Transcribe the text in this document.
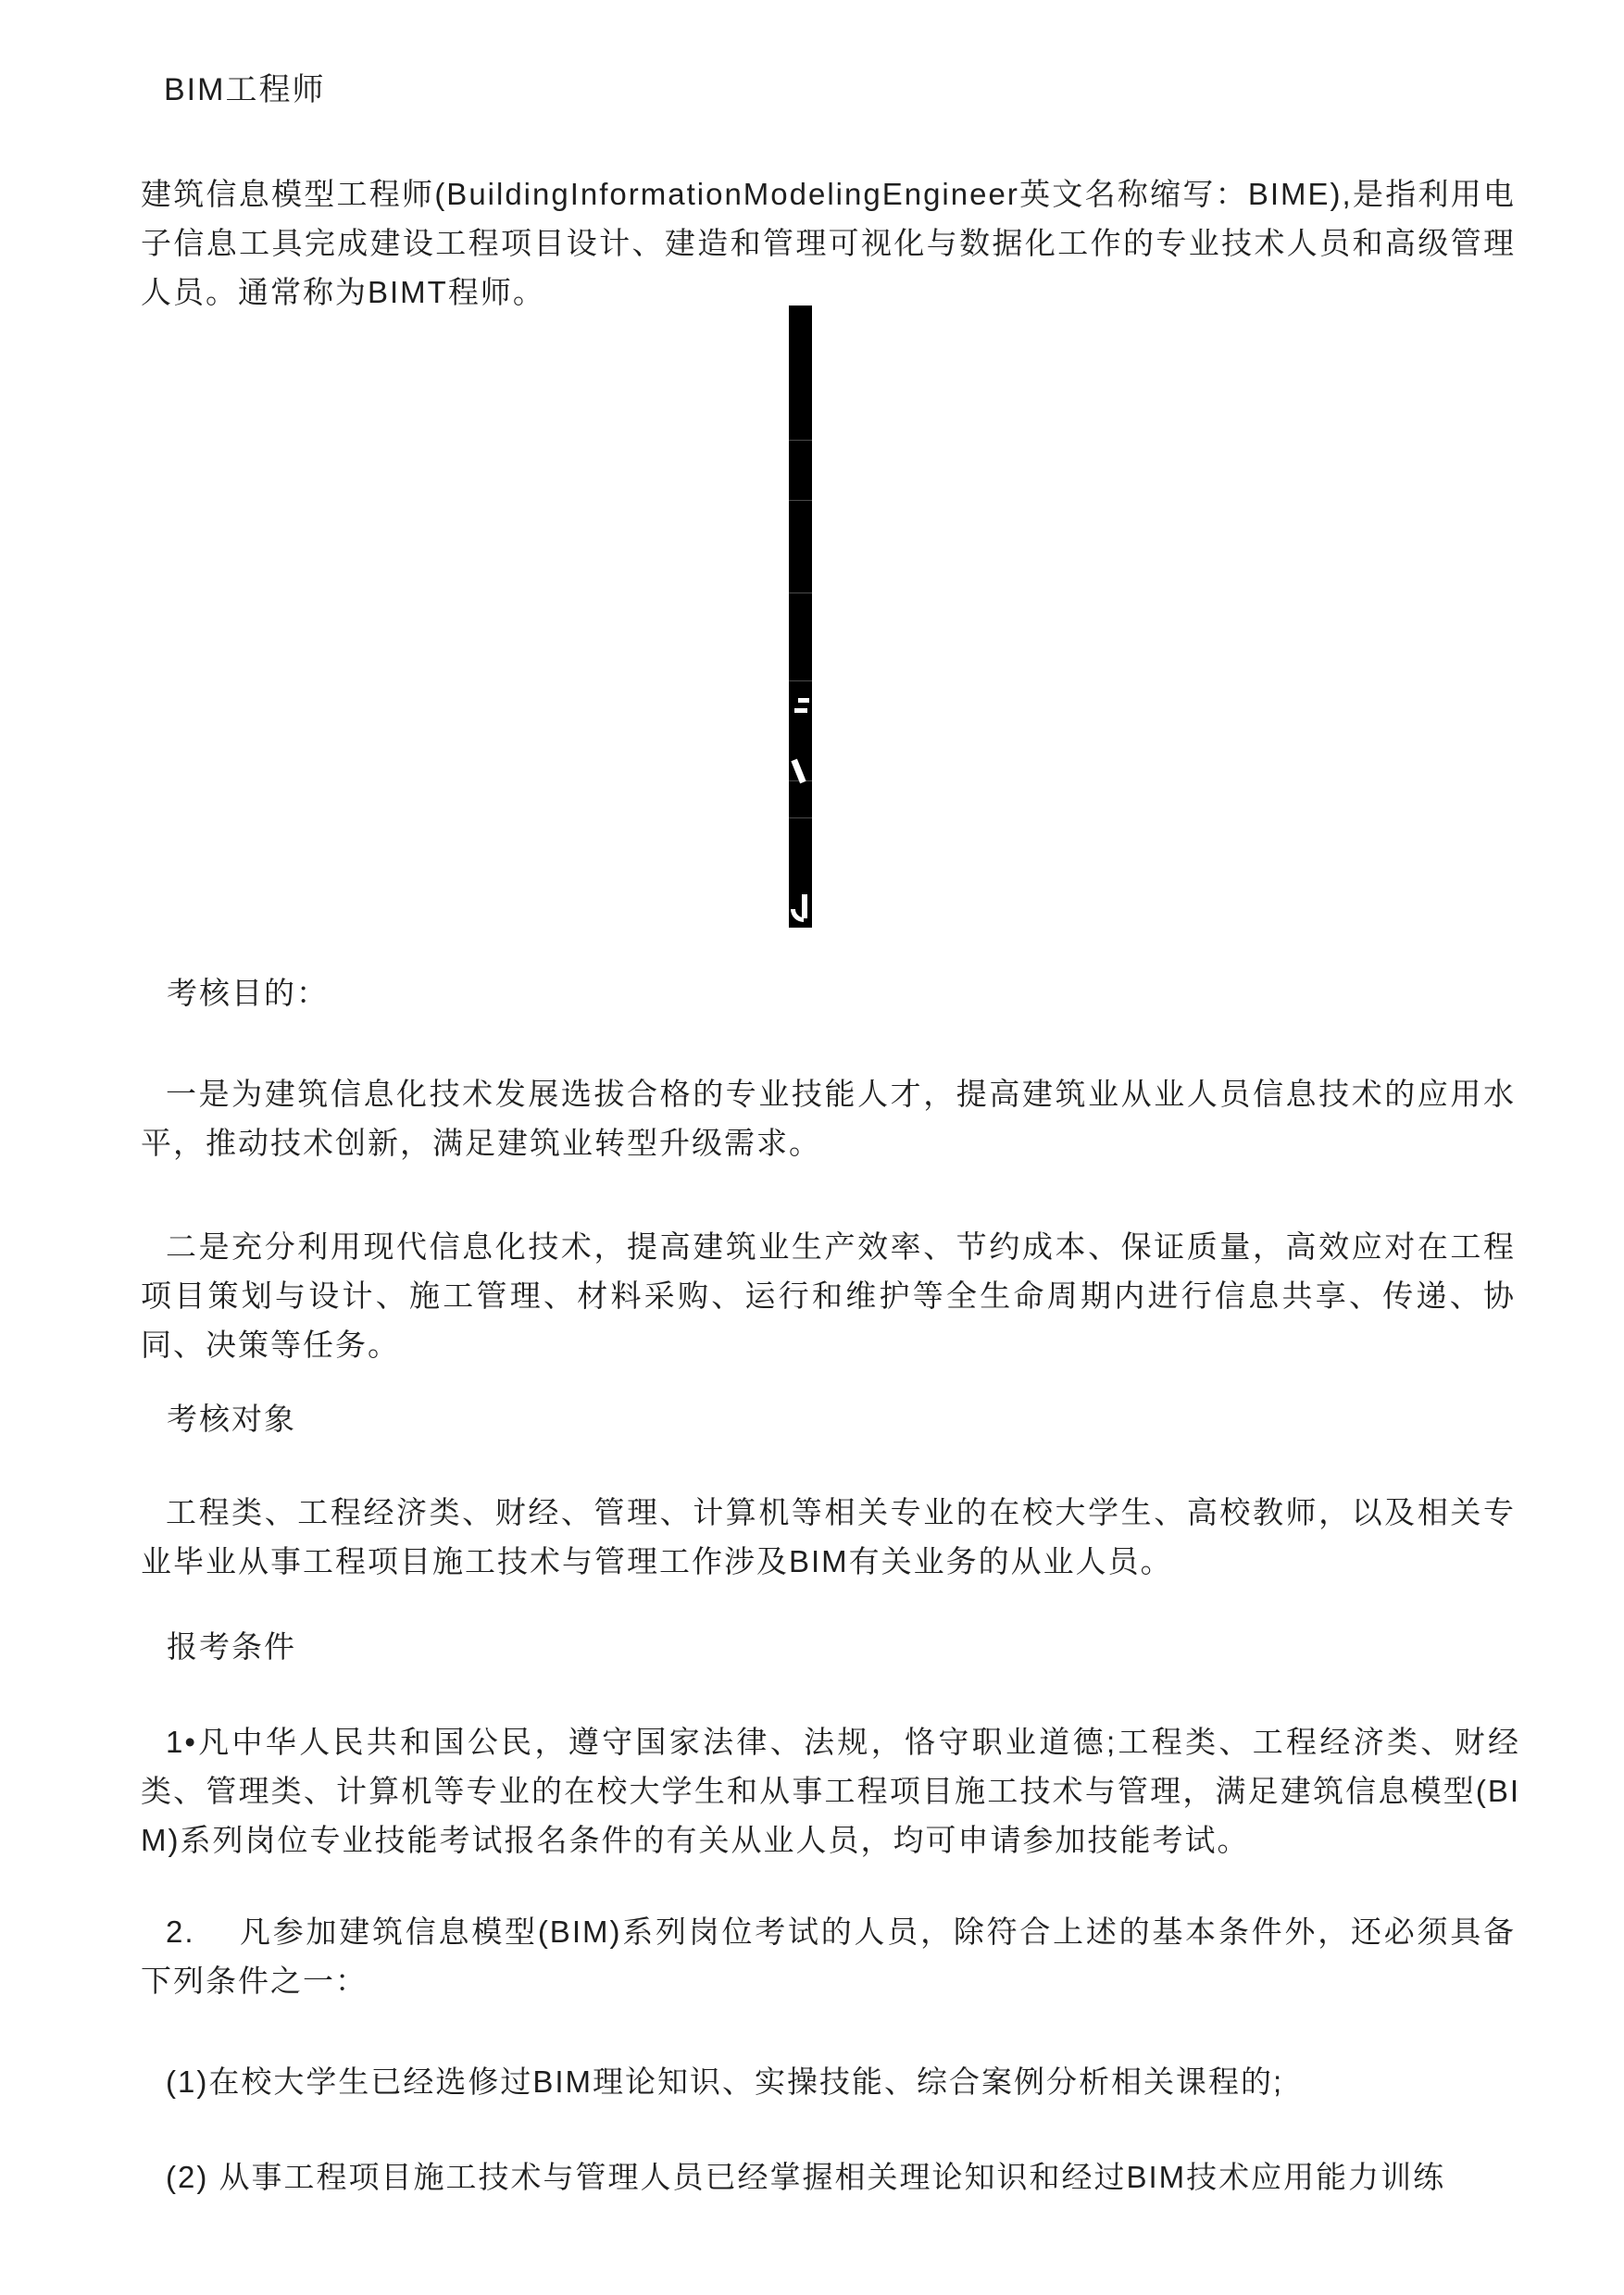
BIM工程师
建筑信息模型工程师(BuildingInformationModelingEngineer英文名称缩写：BIME),是指利用电子信息工具完成建设工程项目设计、建造和管理可视化与数据化工作的专业技术人员和高级管理人员。通常称为BIMT程师。
考核目的：
一是为建筑信息化技术发展选拔合格的专业技能人才，提高建筑业从业人员信息技术的应用水平，推动技术创新，满足建筑业转型升级需求。
二是充分利用现代信息化技术，提高建筑业生产效率、节约成本、保证质量，高效应对在工程项目策划与设计、施工管理、材料采购、运行和维护等全生命周期内进行信息共享、传递、协同、决策等任务。
考核对象
工程类、工程经济类、财经、管理、计算机等相关专业的在校大学生、高校教师，以及相关专业毕业从事工程项目施工技术与管理工作涉及BIM有关业务的从业人员。
报考条件
1•凡中华人民共和国公民，遵守国家法律、法规，恪守职业道德;工程类、工程经济类、财经类、管理类、计算机等专业的在校大学生和从事工程项目施工技术与管理，满足建筑信息模型(BIM)系列岗位专业技能考试报名条件的有关从业人员，均可申请参加技能考试。
2.　 凡参加建筑信息模型(BIM)系列岗位考试的人员，除符合上述的基本条件外，还必须具备下列条件之一：
(1)在校大学生已经选修过BIM理论知识、实操技能、综合案例分析相关课程的;
(2) 从事工程项目施工技术与管理人员已经掌握相关理论知识和经过BIM技术应用能力训练
